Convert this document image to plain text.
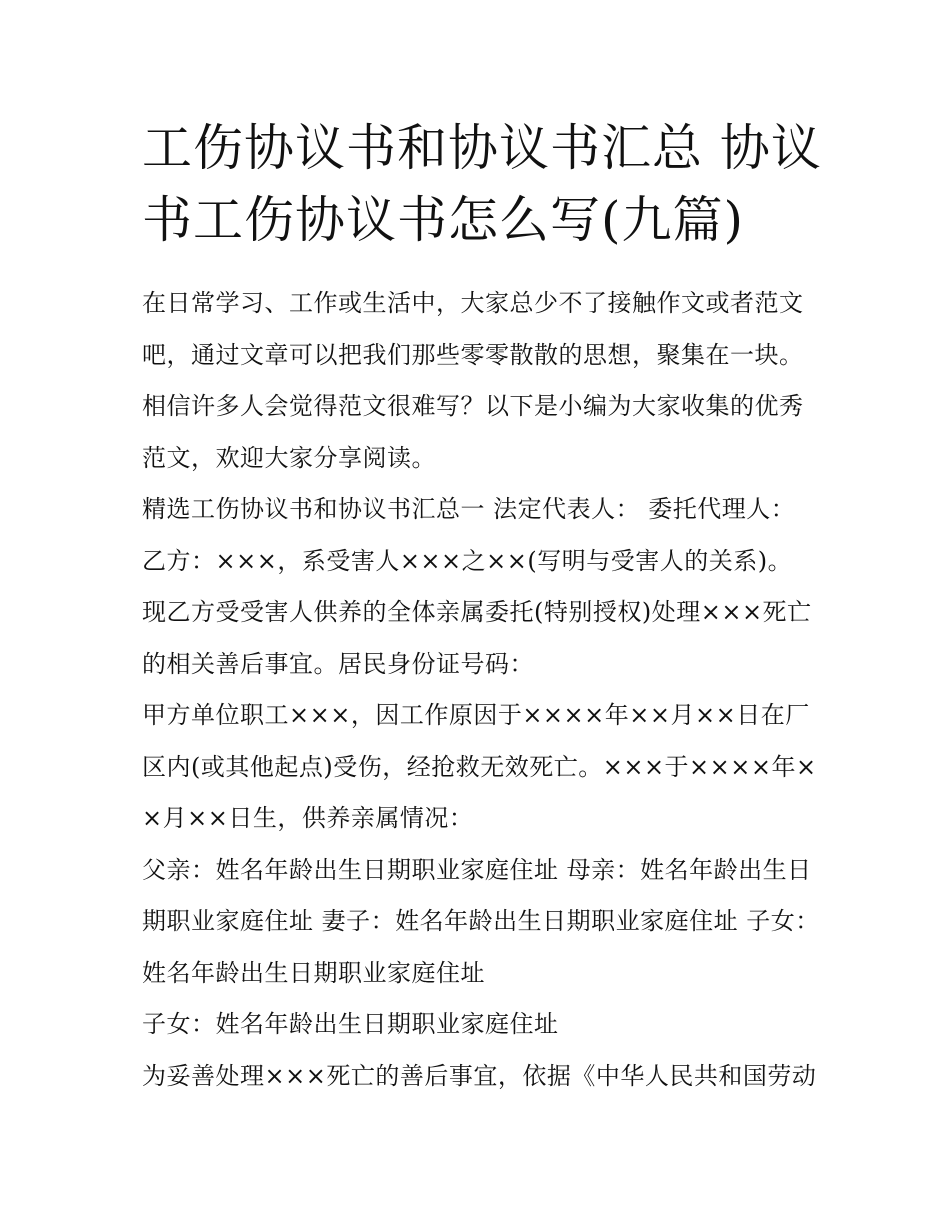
工伤协议书和协议书汇总 协议书工伤协议书怎么写(九篇)

在日常学习、工作或生活中，大家总少不了接触作文或者范文吧，通过文章可以把我们那些零零散散的思想，聚集在一块。相信许多人会觉得范文很难写？以下是小编为大家收集的优秀范文，欢迎大家分享阅读。

精选工伤协议书和协议书汇总一 法定代表人： 委托代理人：

乙方：×××，系受害人×××之××(写明与受害人的关系)。

现乙方受受害人供养的全体亲属委托(特别授权)处理×××死亡的相关善后事宜。居民身份证号码：

甲方单位职工×××，因工作原因于××××年××月××日在厂区内(或其他起点)受伤，经抢救无效死亡。×××于××××年××月××日生，供养亲属情况：

父亲：姓名年龄出生日期职业家庭住址 母亲：姓名年龄出生日期职业家庭住址 妻子：姓名年龄出生日期职业家庭住址 子女：姓名年龄出生日期职业家庭住址

子女：姓名年龄出生日期职业家庭住址

为妥善处理×××死亡的善后事宜，依据《中华人民共和国劳动
